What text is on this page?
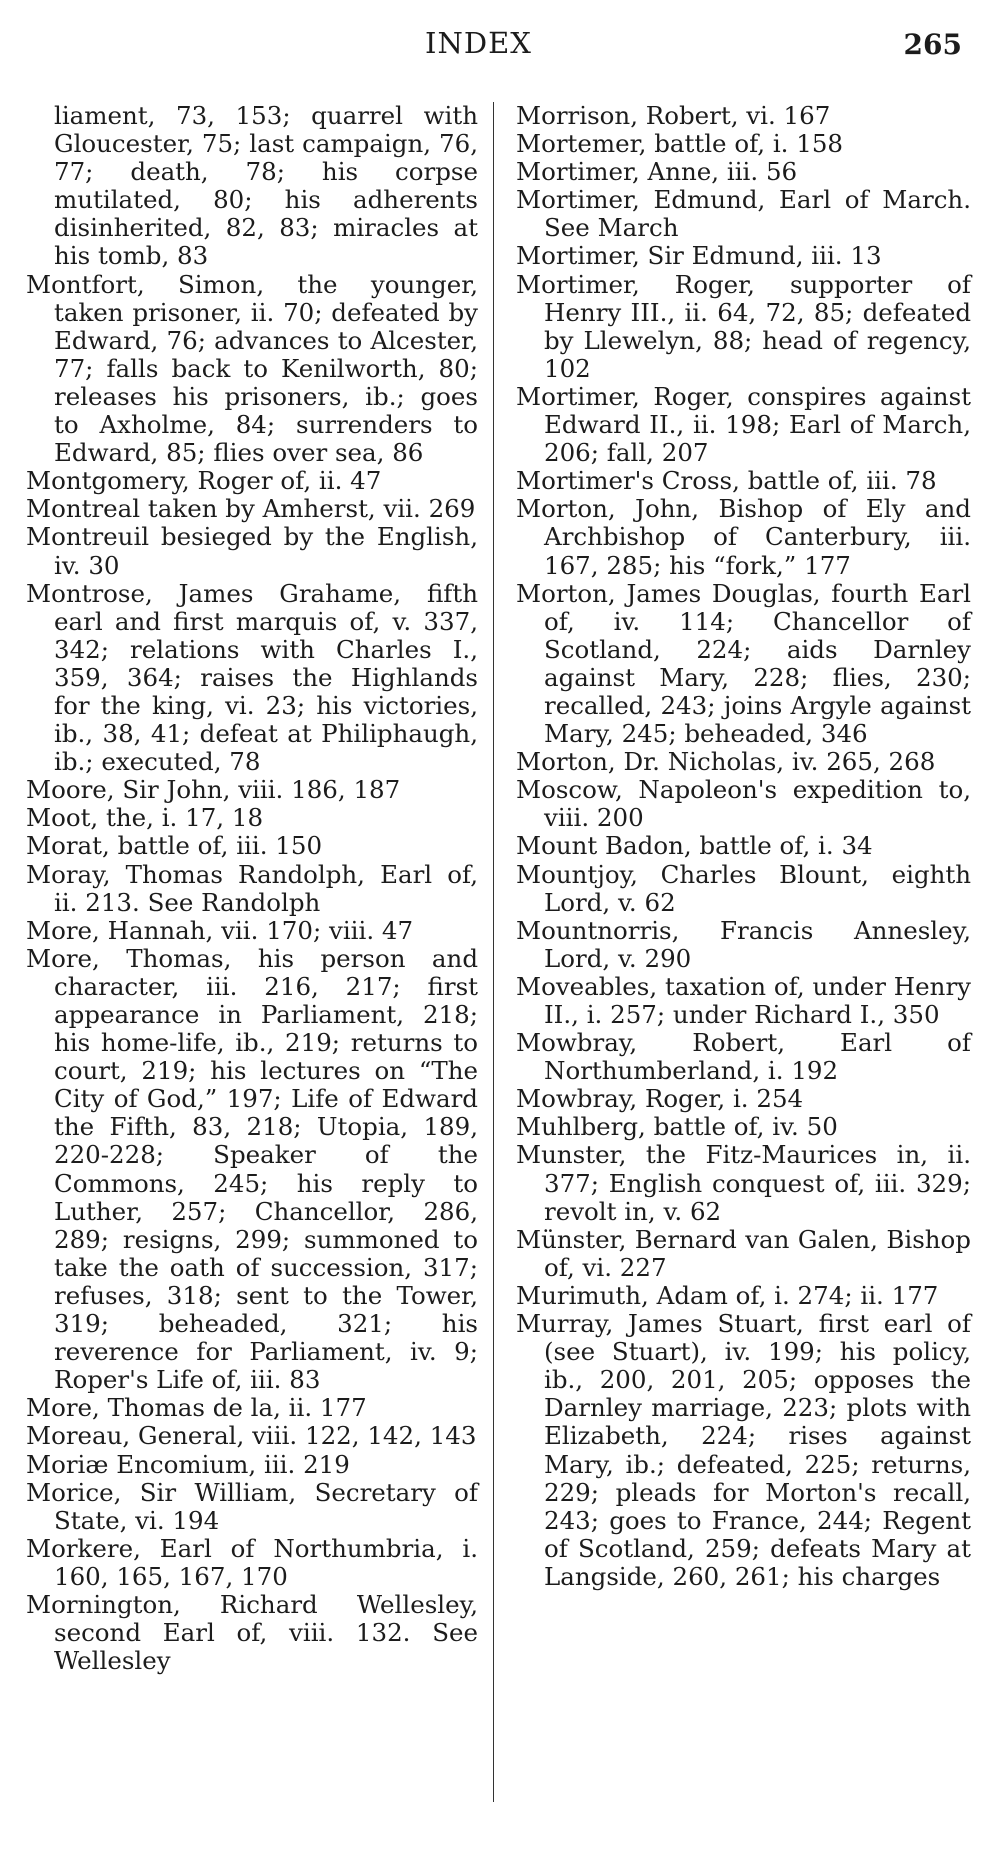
INDEX	265

liament, 73, 153; quarrel with Gloucester, 75; last campaign, 76, 77; death, 78; his corpse mutilated, 80; his adherents disinherited, 82, 83; miracles at his tomb, 83

Montfort, Simon, the younger, taken prisoner, ii. 70; defeated by Edward, 76; advances to Alcester, 77; falls back to Kenilworth, 80; releases his prisoners, ib.; goes to Axholme, 84; surrenders to Edward, 85; flies over sea, 86

Montgomery, Roger of, ii. 47

Montreal taken by Amherst, vii. 269

Montreuil besieged by the English, iv. 30

Montrose, James Grahame, fifth earl and first marquis of, v. 337, 342; relations with Charles I., 359, 364; raises the Highlands for the king, vi. 23; his victories, ib., 38, 41; defeat at Philiphaugh, ib.; executed, 78

Moore, Sir John, viii. 186, 187

Moot, the, i. 17, 18

Morat, battle of, iii. 150

Moray, Thomas Randolph, Earl of, ii. 213. See Randolph

More, Hannah, vii. 170; viii. 47

More, Thomas, his person and character, iii. 216, 217; first appearance in Parliament, 218; his home-life, ib., 219; returns to court, 219; his lectures on “The City of God,” 197; Life of Edward the Fifth, 83, 218; Utopia, 189, 220-228; Speaker of the Commons, 245; his reply to Luther, 257; Chancellor, 286, 289; resigns, 299; summoned to take the oath of succession, 317; refuses, 318; sent to the Tower, 319; beheaded, 321; his reverence for Parliament, iv. 9; Roper's Life of, iii. 83

More, Thomas de la, ii. 177

Moreau, General, viii. 122, 142, 143

Moriæ Encomium, iii. 219

Morice, Sir William, Secretary of State, vi. 194

Morkere, Earl of Northumbria, i. 160, 165, 167, 170

Mornington, Richard Wellesley, second Earl of, viii. 132. See Wellesley

Morrison, Robert, vi. 167

Mortemer, battle of, i. 158

Mortimer, Anne, iii. 56

Mortimer, Edmund, Earl of March. See March

Mortimer, Sir Edmund, iii. 13

Mortimer, Roger, supporter of Henry III., ii. 64, 72, 85; defeated by Llewelyn, 88; head of regency, 102

Mortimer, Roger, conspires against Edward II., ii. 198; Earl of March, 206; fall, 207

Mortimer's Cross, battle of, iii. 78

Morton, John, Bishop of Ely and Archbishop of Canterbury, iii. 167, 285; his “fork,” 177

Morton, James Douglas, fourth Earl of, iv. 114; Chancellor of Scotland, 224; aids Darnley against Mary, 228; flies, 230; recalled, 243; joins Argyle against Mary, 245; beheaded, 346

Morton, Dr. Nicholas, iv. 265, 268

Moscow, Napoleon's expedition to, viii. 200

Mount Badon, battle of, i. 34

Mountjoy, Charles Blount, eighth Lord, v. 62

Mountnorris, Francis Annesley, Lord, v. 290

Moveables, taxation of, under Henry II., i. 257; under Richard I., 350

Mowbray, Robert, Earl of Northumberland, i. 192

Mowbray, Roger, i. 254

Muhlberg, battle of, iv. 50

Munster, the Fitz-Maurices in, ii. 377; English conquest of, iii. 329; revolt in, v. 62

Münster, Bernard van Galen, Bishop of, vi. 227

Murimuth, Adam of, i. 274; ii. 177

Murray, James Stuart, first earl of (see Stuart), iv. 199; his policy, ib., 200, 201, 205; opposes the Darnley marriage, 223; plots with Elizabeth, 224; rises against Mary, ib.; defeated, 225; returns, 229; pleads for Morton's recall, 243; goes to France, 244; Regent of Scotland, 259; defeats Mary at Langside, 260, 261; his charges
